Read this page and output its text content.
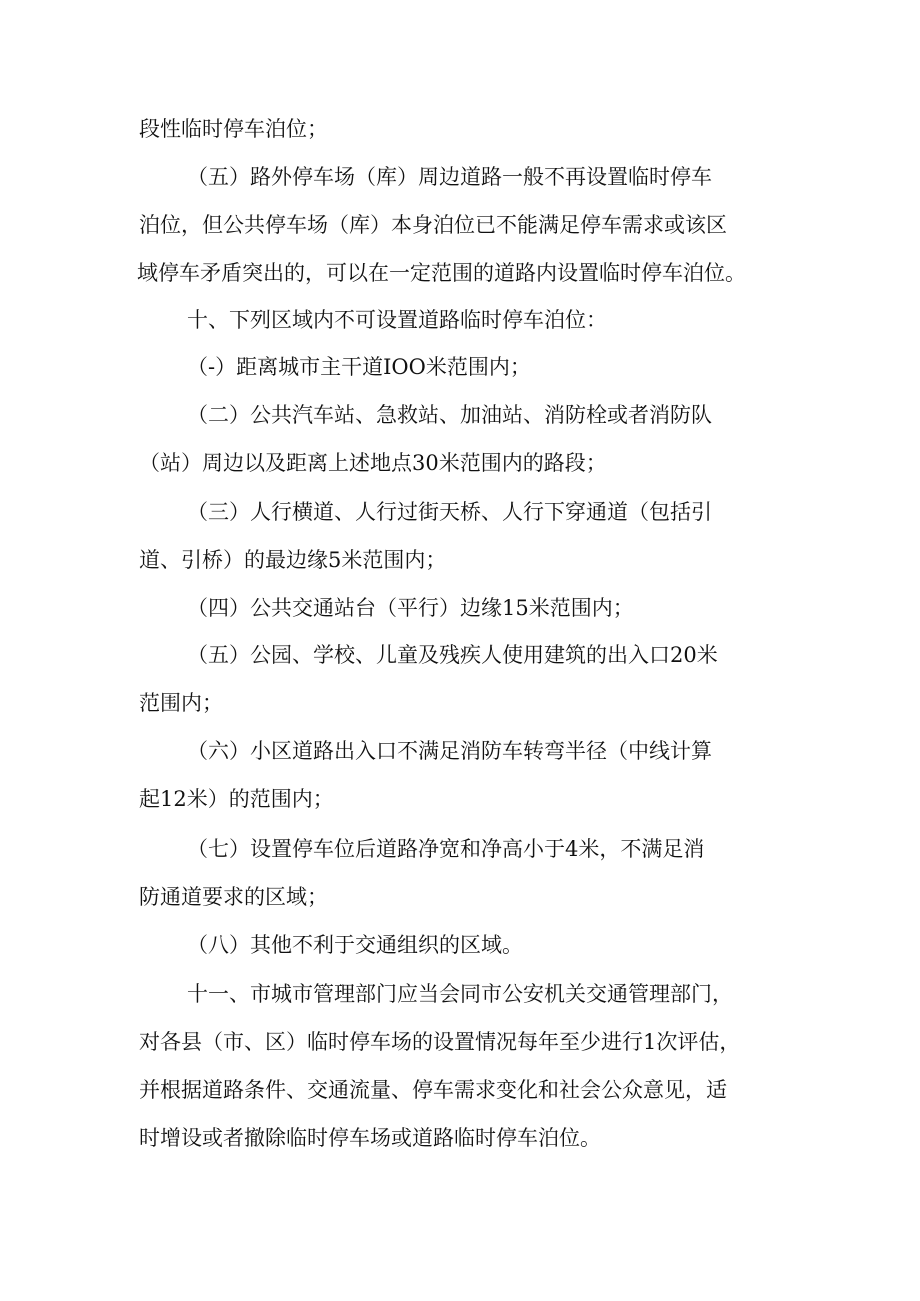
段性临时停车泊位；
（五）路外停车场（库）周边道路一般不再设置临时停车
泊位，但公共停车场（库）本身泊位已不能满足停车需求或该区
域停车矛盾突出的，可以在一定范围的道路内设置临时停车泊位。
十、下列区域内不可设置道路临时停车泊位：
（-）距离城市主干道IOO米范围内；
（二）公共汽车站、急救站、加油站、消防栓或者消防队
（站）周边以及距离上述地点30米范围内的路段；
（三）人行横道、人行过街天桥、人行下穿通道（包括引
道、引桥）的最边缘5米范围内；
（四）公共交通站台（平行）边缘15米范围内；
（五）公园、学校、儿童及残疾人使用建筑的出入口20米
范围内；
（六）小区道路出入口不满足消防车转弯半径（中线计算
起12米）的范围内；
（七）设置停车位后道路净宽和净高小于4米，不满足消
防通道要求的区域；
（八）其他不利于交通组织的区域。
十一、市城市管理部门应当会同市公安机关交通管理部门，
对各县（市、区）临时停车场的设置情况每年至少进行1次评估，
并根据道路条件、交通流量、停车需求变化和社会公众意见，适
时增设或者撤除临时停车场或道路临时停车泊位。
